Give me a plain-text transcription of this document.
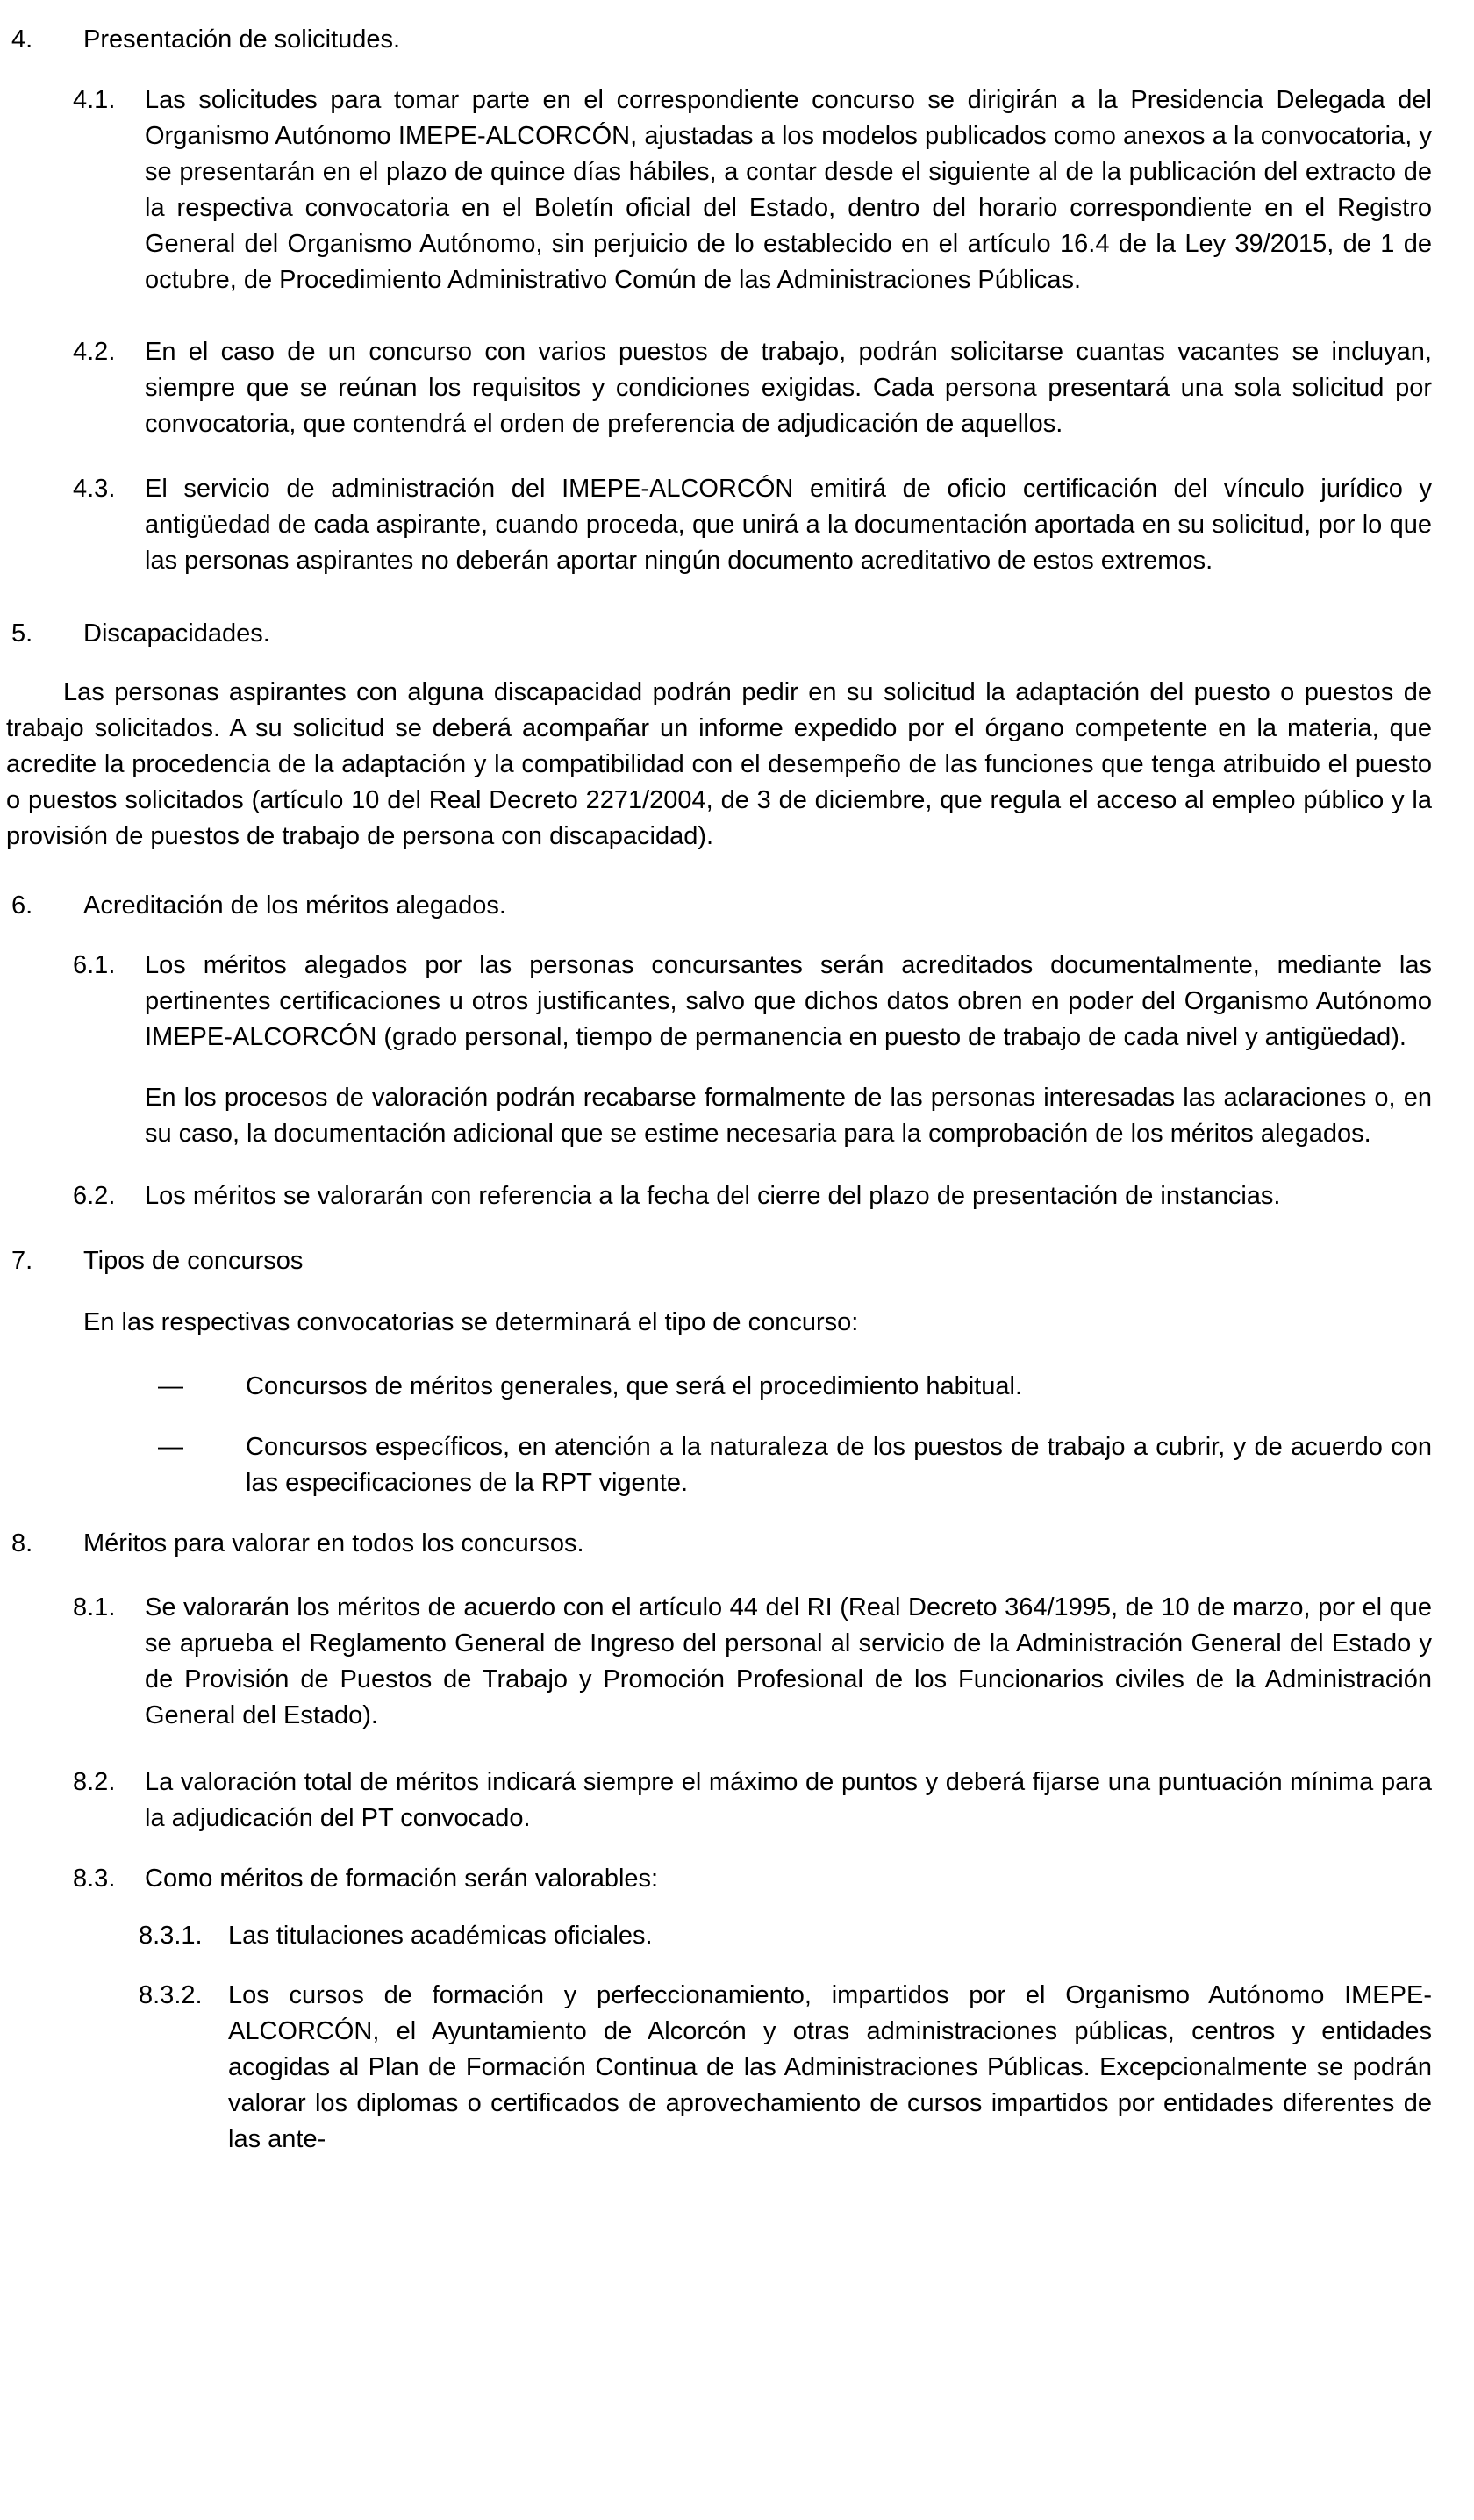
4. Presentación de solicitudes.
4.1. Las solicitudes para tomar parte en el correspondiente concurso se dirigirán a la Presidencia Delegada del Organismo Autónomo IMEPE-ALCORCÓN, ajustadas a los modelos publicados como anexos a la convocatoria, y se presentarán en el plazo de quince días hábiles, a contar desde el siguiente al de la publicación del extracto de la respectiva convocatoria en el Boletín oficial del Estado, dentro del horario correspondiente en el Registro General del Organismo Autónomo, sin perjuicio de lo establecido en el artículo 16.4 de la Ley 39/2015, de 1 de octubre, de Procedimiento Administrativo Común de las Administraciones Públicas.
4.2. En el caso de un concurso con varios puestos de trabajo, podrán solicitarse cuantas vacantes se incluyan, siempre que se reúnan los requisitos y condiciones exigidas. Cada persona presentará una sola solicitud por convocatoria, que contendrá el orden de preferencia de adjudicación de aquellos.
4.3. El servicio de administración del IMEPE-ALCORCÓN emitirá de oficio certificación del vínculo jurídico y antigüedad de cada aspirante, cuando proceda, que unirá a la documentación aportada en su solicitud, por lo que las personas aspirantes no deberán aportar ningún documento acreditativo de estos extremos.
5. Discapacidades.
Las personas aspirantes con alguna discapacidad podrán pedir en su solicitud la adaptación del puesto o puestos de trabajo solicitados. A su solicitud se deberá acompañar un informe expedido por el órgano competente en la materia, que acredite la procedencia de la adaptación y la compatibilidad con el desempeño de las funciones que tenga atribuido el puesto o puestos solicitados (artículo 10 del Real Decreto 2271/2004, de 3 de diciembre, que regula el acceso al empleo público y la provisión de puestos de trabajo de persona con discapacidad).
6. Acreditación de los méritos alegados.
6.1. Los méritos alegados por las personas concursantes serán acreditados documentalmente, mediante las pertinentes certificaciones u otros justificantes, salvo que dichos datos obren en poder del Organismo Autónomo IMEPE-ALCORCÓN (grado personal, tiempo de permanencia en puesto de trabajo de cada nivel y antigüedad).
En los procesos de valoración podrán recabarse formalmente de las personas interesadas las aclaraciones o, en su caso, la documentación adicional que se estime necesaria para la comprobación de los méritos alegados.
6.2. Los méritos se valorarán con referencia a la fecha del cierre del plazo de presentación de instancias.
7. Tipos de concursos
En las respectivas convocatorias se determinará el tipo de concurso:
— Concursos de méritos generales, que será el procedimiento habitual.
— Concursos específicos, en atención a la naturaleza de los puestos de trabajo a cubrir, y de acuerdo con las especificaciones de la RPT vigente.
8. Méritos para valorar en todos los concursos.
8.1. Se valorarán los méritos de acuerdo con el artículo 44 del RI (Real Decreto 364/1995, de 10 de marzo, por el que se aprueba el Reglamento General de Ingreso del personal al servicio de la Administración General del Estado y de Provisión de Puestos de Trabajo y Promoción Profesional de los Funcionarios civiles de la Administración General del Estado).
8.2. La valoración total de méritos indicará siempre el máximo de puntos y deberá fijarse una puntuación mínima para la adjudicación del PT convocado.
8.3. Como méritos de formación serán valorables:
8.3.1. Las titulaciones académicas oficiales.
8.3.2. Los cursos de formación y perfeccionamiento, impartidos por el Organismo Autónomo IMEPE-ALCORCÓN, el Ayuntamiento de Alcorcón y otras administraciones públicas, centros y entidades acogidas al Plan de Formación Continua de las Administraciones Públicas. Excepcionalmente se podrán valorar los diplomas o certificados de aprovechamiento de cursos impartidos por entidades diferentes de las ante-
